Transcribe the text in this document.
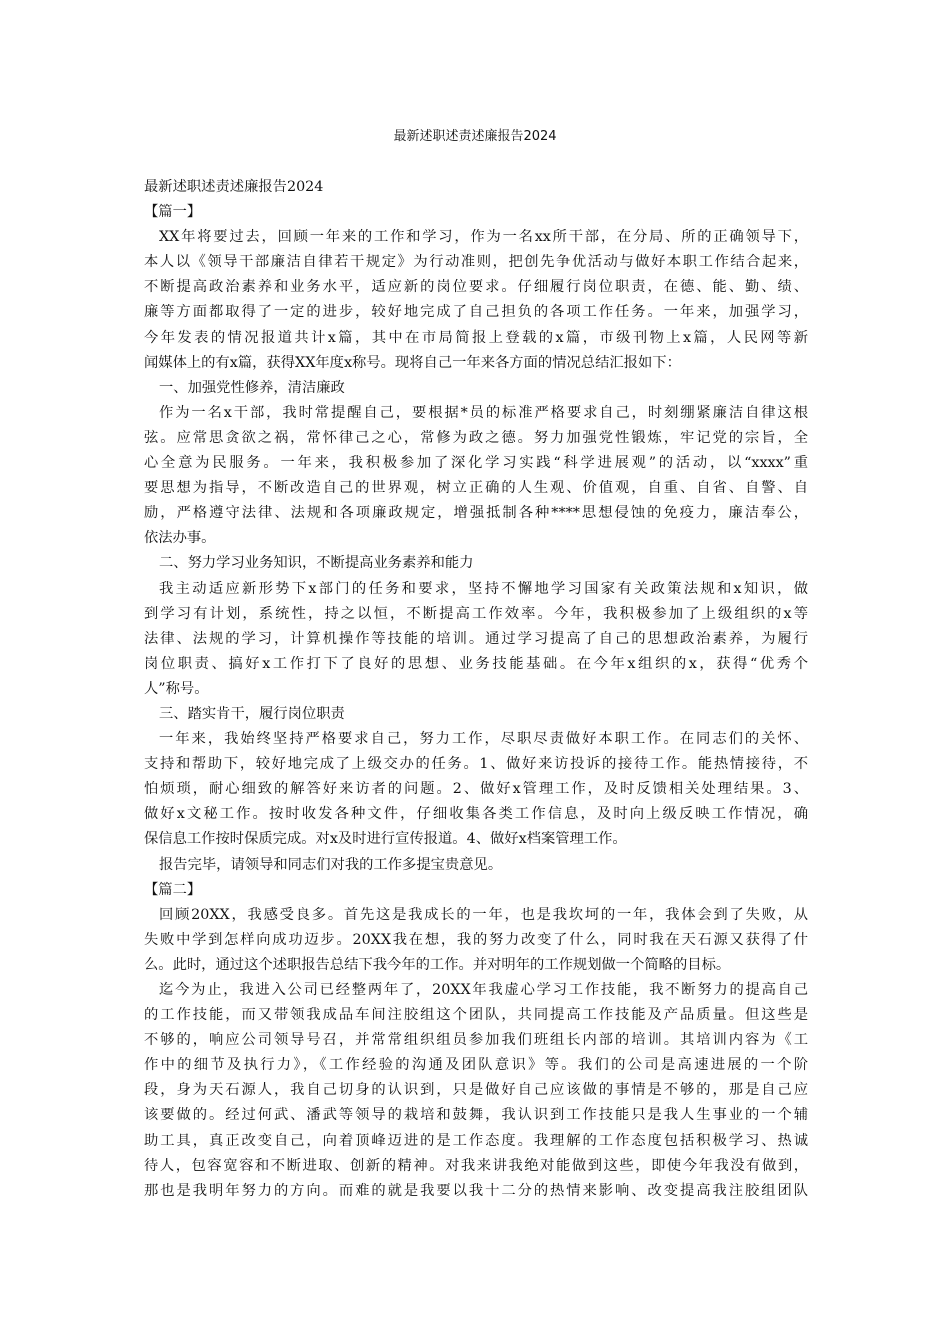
最新述职述责述廉报告2024
最新述职述责述廉报告2024
【篇一】
XX年将要过去，回顾一年来的工作和学习，作为一名xx所干部，在分局、所的正确领导下，
本人以《领导干部廉洁自律若干规定》为行动准则，把创先争优活动与做好本职工作结合起来，
不断提高政治素养和业务水平，适应新的岗位要求。仔细履行岗位职责，在德、能、勤、绩、
廉等方面都取得了一定的进步，较好地完成了自己担负的各项工作任务。一年来，加强学习，
今年发表的情况报道共计x篇，其中在市局简报上登载的x篇，市级刊物上x篇，人民网等新
闻媒体上的有x篇，获得XX年度x称号。现将自己一年来各方面的情况总结汇报如下：
一、加强党性修养，清洁廉政
作为一名x干部，我时常提醒自己，要根据*员的标准严格要求自己，时刻绷紧廉洁自律这根
弦。应常思贪欲之祸，常怀律己之心，常修为政之德。努力加强党性锻炼，牢记党的宗旨，全
心全意为民服务。一年来，我积极参加了深化学习实践“科学进展观”的活动，以“xxxx”重
要思想为指导，不断改造自己的世界观，树立正确的人生观、价值观，自重、自省、自警、自
励，严格遵守法律、法规和各项廉政规定，增强抵制各种****思想侵蚀的免疫力，廉洁奉公，
依法办事。
二、努力学习业务知识，不断提高业务素养和能力
我主动适应新形势下x部门的任务和要求，坚持不懈地学习国家有关政策法规和x知识，做
到学习有计划，系统性，持之以恒，不断提高工作效率。今年，我积极参加了上级组织的x等
法律、法规的学习，计算机操作等技能的培训。通过学习提高了自己的思想政治素养，为履行
岗位职责、搞好x工作打下了良好的思想、业务技能基础。在今年x组织的x，获得“优秀个
人”称号。
三、踏实肯干，履行岗位职责
一年来，我始终坚持严格要求自己，努力工作，尽职尽责做好本职工作。在同志们的关怀、
支持和帮助下，较好地完成了上级交办的任务。1、做好来访投诉的接待工作。能热情接待，不
怕烦琐，耐心细致的解答好来访者的问题。2、做好x管理工作，及时反馈相关处理结果。3、
做好x文秘工作。按时收发各种文件，仔细收集各类工作信息，及时向上级反映工作情况，确
保信息工作按时保质完成。对x及时进行宣传报道。4、做好x档案管理工作。
报告完毕，请领导和同志们对我的工作多提宝贵意见。
【篇二】
回顾20XX，我感受良多。首先这是我成长的一年，也是我坎坷的一年，我体会到了失败，从
失败中学到怎样向成功迈步。20XX我在想，我的努力改变了什么，同时我在天石源又获得了什
么。此时，通过这个述职报告总结下我今年的工作。并对明年的工作规划做一个简略的目标。
迄今为止，我进入公司已经整两年了，20XX年我虚心学习工作技能，我不断努力的提高自己
的工作技能，而又带领我成品车间注胶组这个团队，共同提高工作技能及产品质量。但这些是
不够的，响应公司领导号召，并常常组织组员参加我们班组长内部的培训。其培训内容为《工
作中的细节及执行力》，《工作经验的沟通及团队意识》等。我们的公司是高速进展的一个阶
段，身为天石源人，我自己切身的认识到，只是做好自己应该做的事情是不够的，那是自己应
该要做的。经过何武、潘武等领导的栽培和鼓舞，我认识到工作技能只是我人生事业的一个辅
助工具，真正改变自己，向着顶峰迈进的是工作态度。我理解的工作态度包括积极学习、热诚
待人，包容宽容和不断进取、创新的精神。对我来讲我绝对能做到这些，即使今年我没有做到，
那也是我明年努力的方向。而难的就是我要以我十二分的热情来影响、改变提高我注胶组团队
